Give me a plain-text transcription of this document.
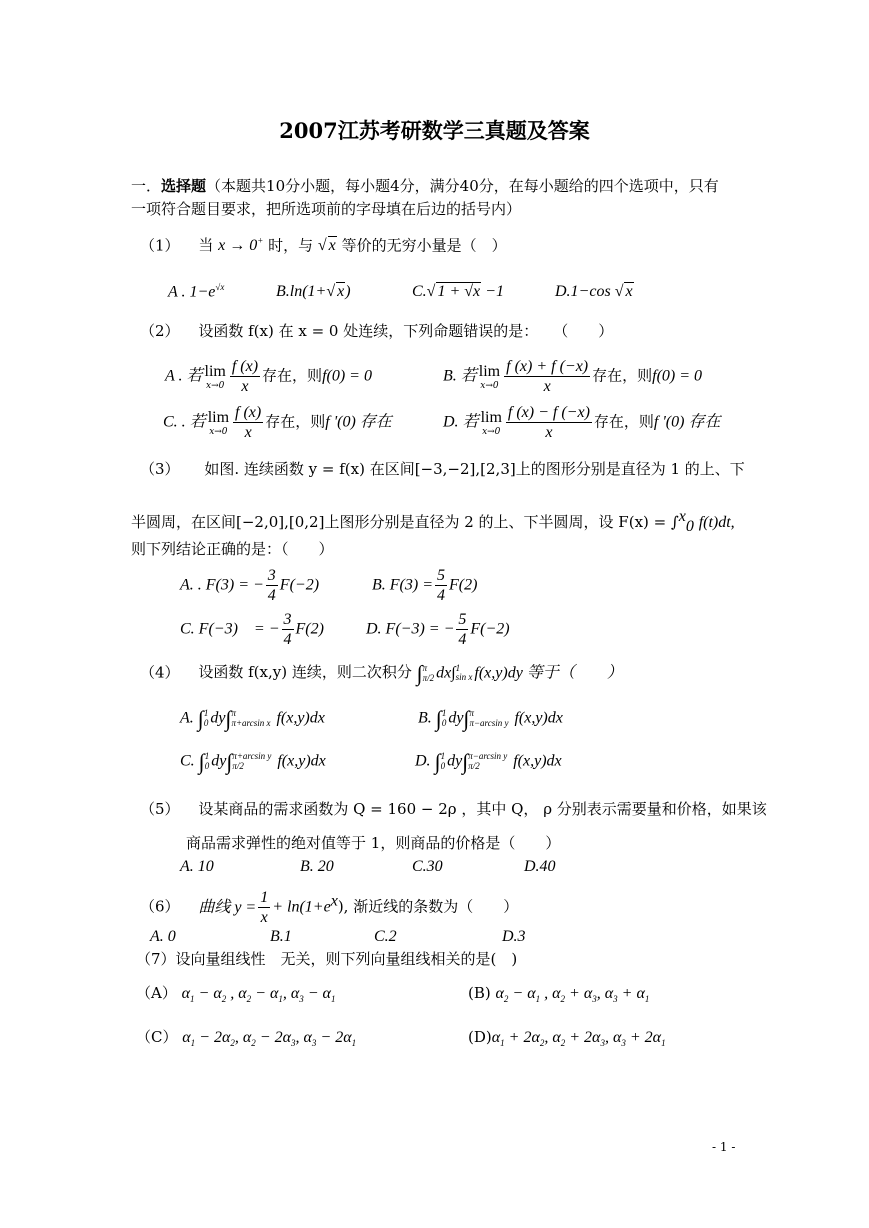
2007江苏考研数学三真题及答案
一．选择题（本题共10分小题，每小题4分，满分40分，在每小题给的四个选项中，只有
一项符合题目要求，把所选项前的字母填在后边的括号内）
（1） 当 x → 0+ 时，与 √ x 等价的无穷小量是（　）
A . $1-e^{√x}$	B.ln(1+√ x)	C.√ 1 + √x −1	D.1−cos √ x
（2） 设函数 f(x) 在 x = 0 处连续，下列命题错误的是：　　（　　）
A . 若 lim
$x\to 0 \frac{f (x)}{x}$ 存在，则f(0) = 0	B. 若 lim
$x\to 0 \frac{f (x) + f (-x)}{x}$ 存在，则f(0) = 0
C. . 若 lim
$x\to 0 \frac{f (x)}{x}$ 存在，则f '(0) 存在	D. 若 lim
$x\to 0 \frac{f (x) - f (-x)}{x}$ 存在，则f '(0) 存在
（3） 如图. 连续函数 y = f(x) 在区间[−3,−2],[2,3]上的图形分别是直径为 1 的上、下
半圆周，在区间[−2,0],[0,2]上图形分别是直径为 2 的上、下半圆周，设 F(x) = ∫$^x_0$ f(t)dt,
则下列结论正确的是：（　　）
A. . F(3) = − $\frac{3}{4} F(-2)$	B. $F(3) = \frac{5}{4} F(2)$
C. F(−3)　= − $\frac{3}{4} F(2)$	D. F(−3) = − $\frac{5}{4} F(-2)$
（4） 设函数 f(x,y) 连续，则二次积分 ∫ π
π/2 dx∫ 1
sin x f(x,y)dy 等于（　　）
A. ∫ 1
0 dy∫ π
π+arcsin x f(x,y)dx	B. ∫ 1
0 dy∫ π
π−arcsin y f(x,y)dx
C. ∫ 1
0 dy∫ π+arcsin y
π/2	f(x,y)dx	D. ∫ 1
0 dy∫ π−arcsin y
π/2	f(x,y)dx
（5） 设某商品的需求函数为 Q = 160 − 2ρ ，其中 Q， ρ 分别表示需要量和价格，如果该
商品需求弹性的绝对值等于 1，则商品的价格是（　　）
A. 10	B. 20	C.30	D.40
（6） 曲线 $y = \frac{1}{x} + \ln(1+e^x)$, 渐近线的条数为（　　）
A. 0	B.1	C.2	D.3
（7）设向量组线性　无关，则下列向量组线相关的是(　)
（A） $\alpha_1 - \alpha_2$ , $\alpha_2 - \alpha_1$, $\alpha_3 - \alpha_1$	(B) $\alpha_2 - \alpha_1$ , $\alpha_2 + \alpha_3$, $\alpha_3 + \alpha_1$
（C） $\alpha_1 - 2\alpha_2$, $\alpha_2 - 2\alpha_3$, $\alpha_3 - 2\alpha_1$	$(D)\alpha_1 + 2\alpha_2$, $\alpha_2 + 2\alpha_3$, $\alpha_3 + 2\alpha_1$
- 1 -
